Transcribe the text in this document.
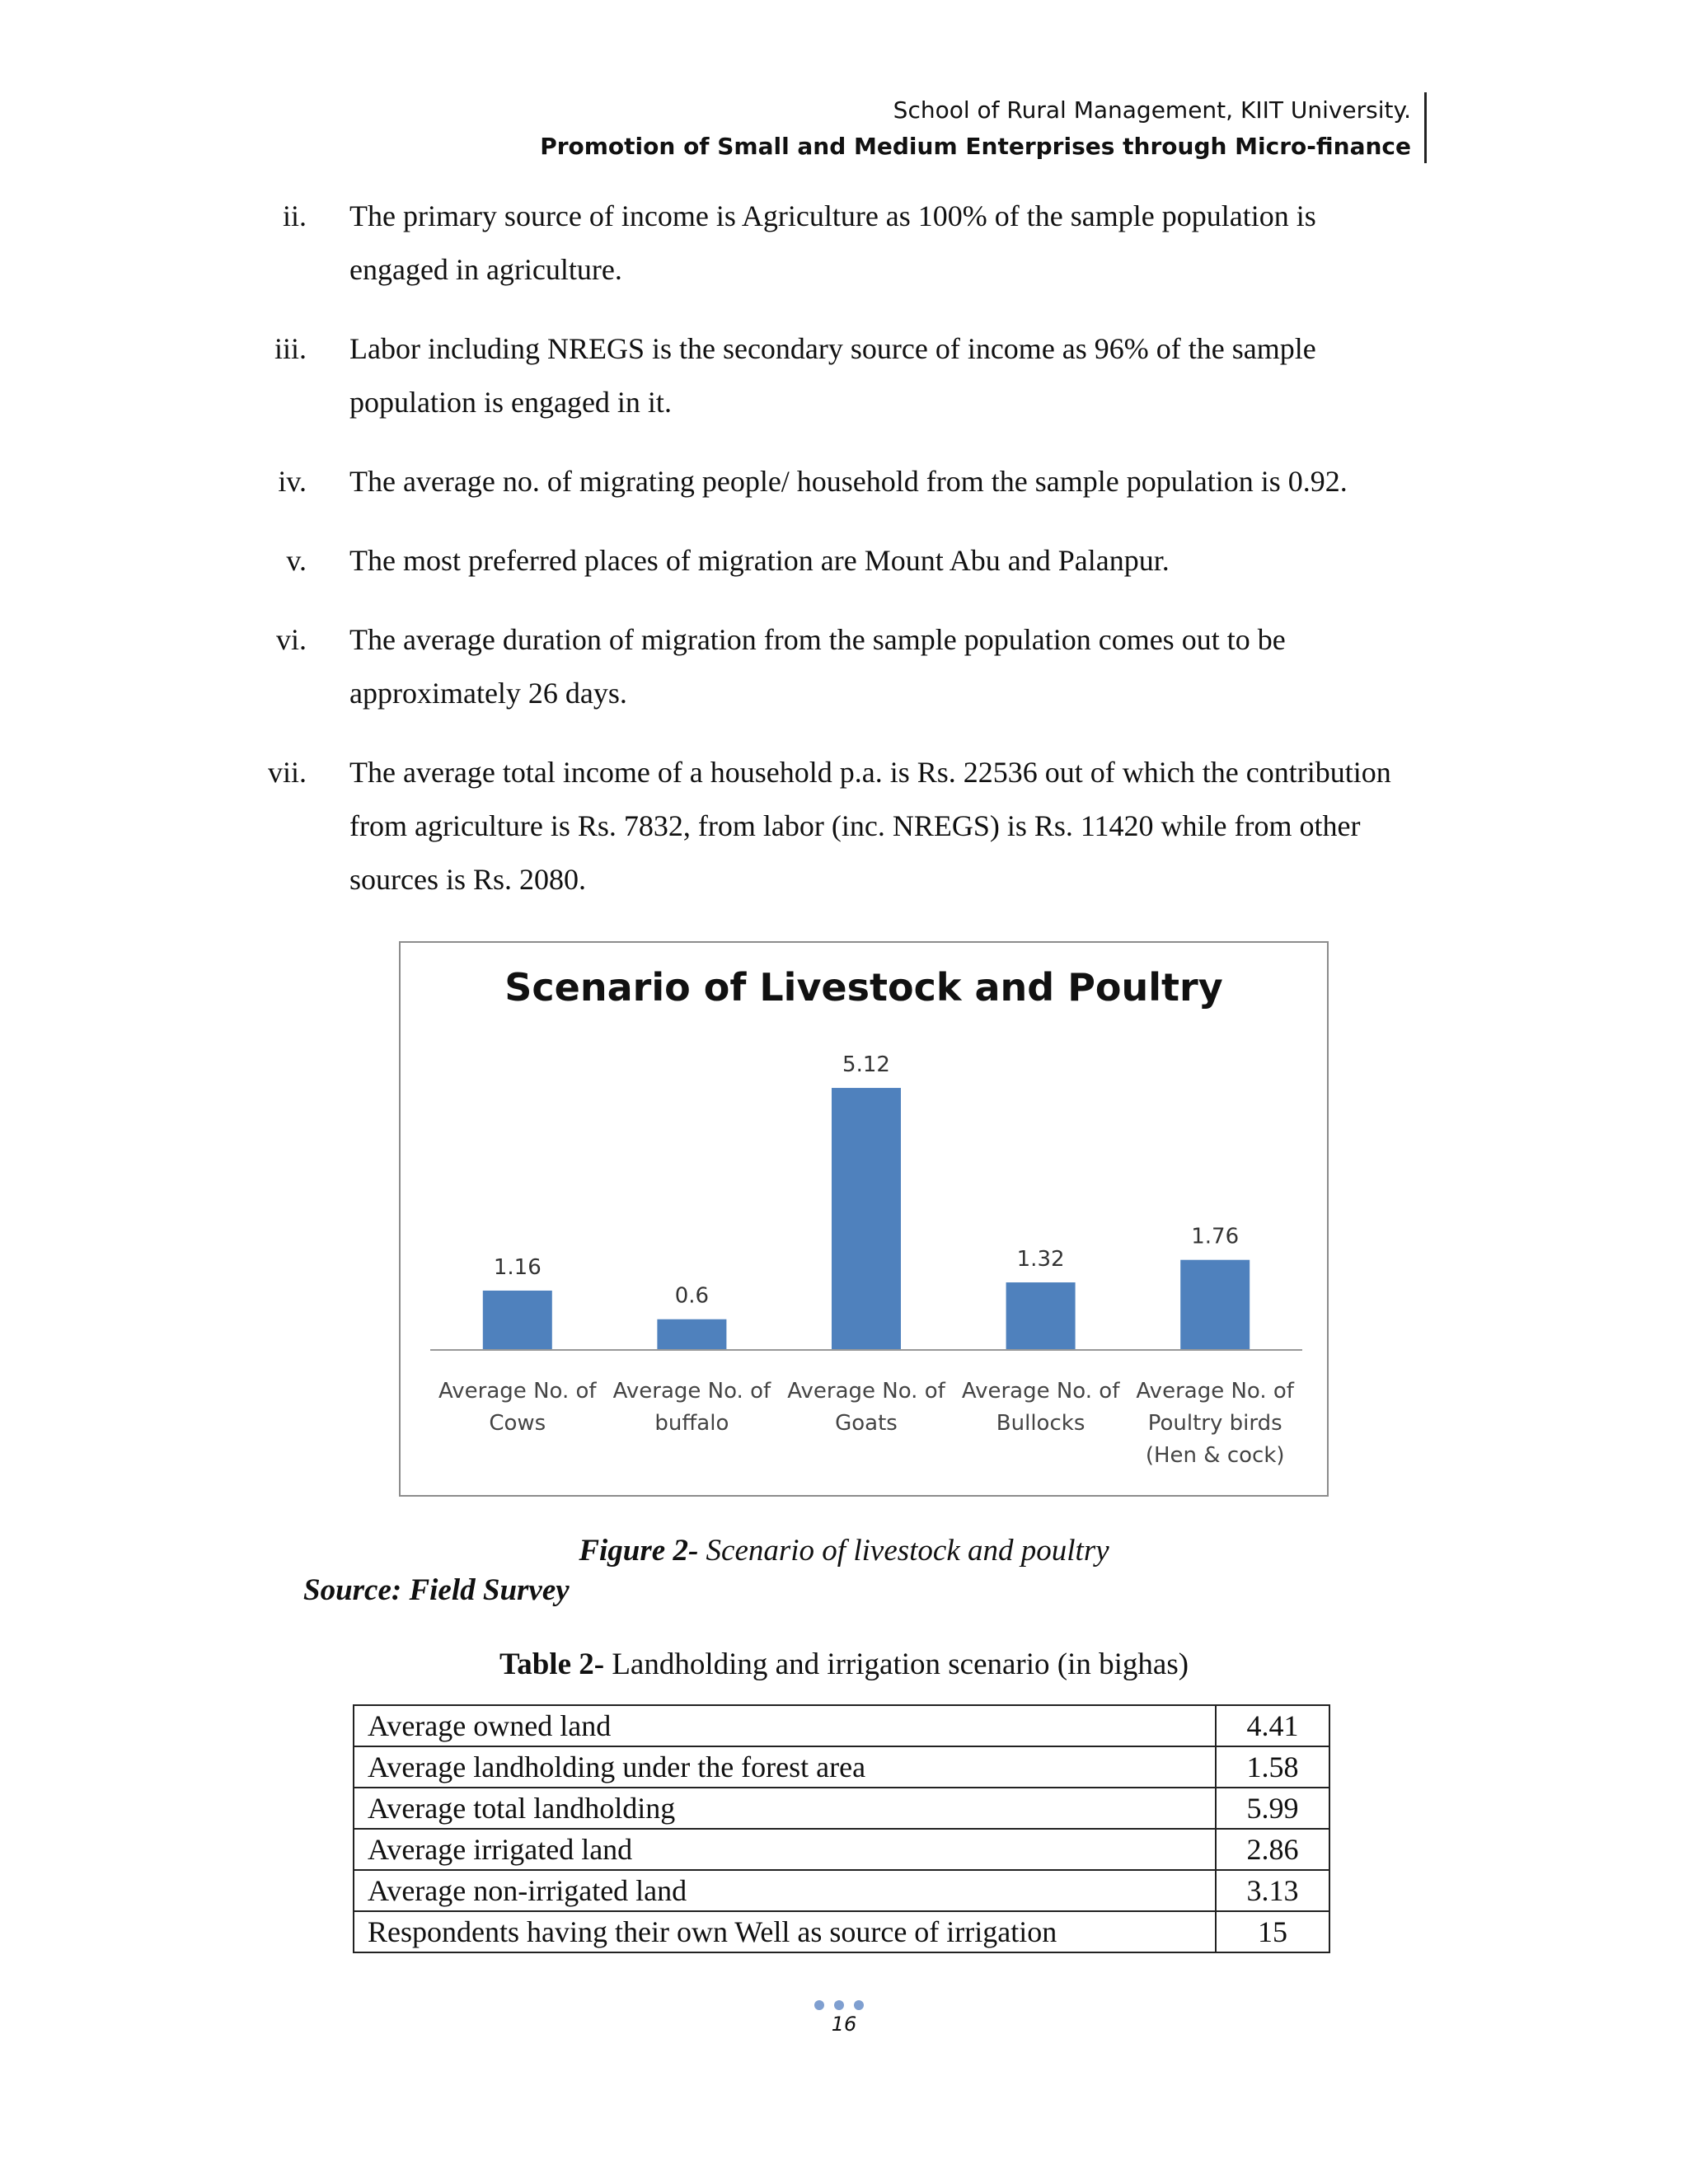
School of Rural Management, KIIT University.
Promotion of Small and Medium Enterprises through Micro-finance
ii. The primary source of income is Agriculture as 100% of the sample population is engaged in agriculture.
iii. Labor including NREGS is the secondary source of income as 96% of the sample population is engaged in it.
iv. The average no. of migrating people/ household from the sample population is 0.92.
v. The most preferred places of migration are Mount Abu and Palanpur.
vi. The average duration of migration from the sample population comes out to be approximately 26 days.
vii. The average total income of a household p.a. is Rs. 22536 out of which the contribution from agriculture is Rs. 7832, from labor (inc. NREGS) is Rs. 11420 while from other sources is Rs. 2080.
Scenario of Livestock and Poultry
1.16
Average No. of
Cows
0.6
Average No. of
buffalo
5.12
Average No. of
Goats
1.32
Average No. of
Bullocks
1.76
Average No. of
Poultry birds
(Hen & cock)
Figure 2- Scenario of livestock and poultry
Source: Field Survey
Table 2- Landholding and irrigation scenario (in bighas)
Average owned land	4.41
Average landholding under the forest area	1.58
Average total landholding	5.99
Average irrigated land	2.86
Average non-irrigated land	3.13
Respondents having their own Well as source of irrigation	15
16
